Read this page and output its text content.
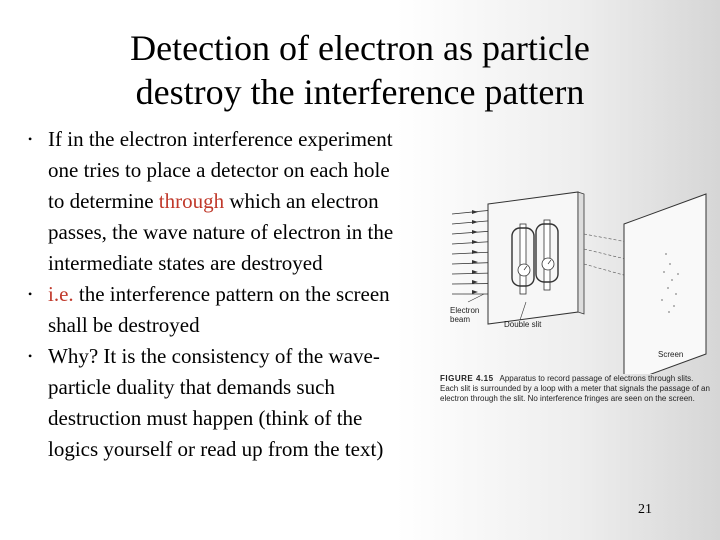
Detection of electron as particle
destroy the interference pattern
• If in the electron interference experiment one tries to place a detector on each hole to determine through which an electron passes, the wave nature of electron in the intermediate states are destroyed
• i.e. the interference pattern on the screen shall be destroyed
• Why? It is the consistency of the wave-particle duality that demands such destruction must happen (think of the logics yourself or read up from the text)
Electron beam
Double slit
Screen
FIGURE 4.15 Apparatus to record passage of electrons through slits. Each slit is surrounded by a loop with a meter that signals the passage of an electron through the slit. No interference fringes are seen on the screen.
21
